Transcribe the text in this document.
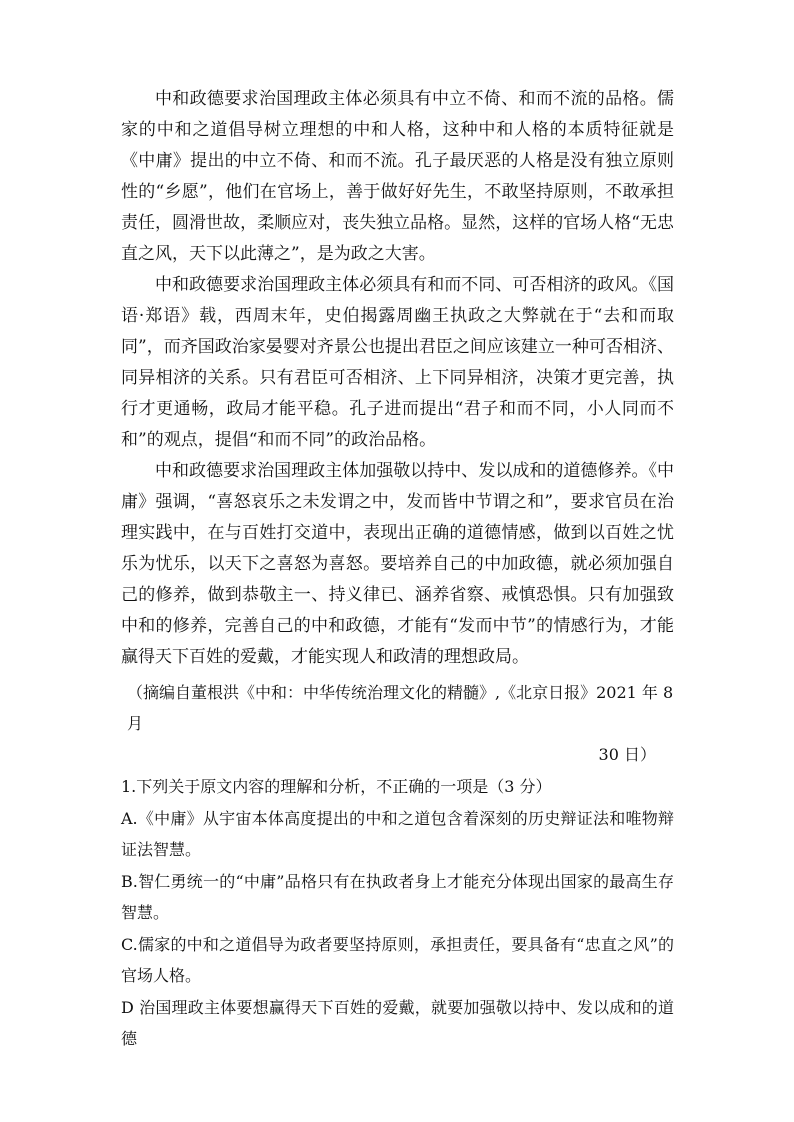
中和政德要求治国理政主体必须具有中立不倚、和而不流的品格。儒家的中和之道倡导树立理想的中和人格，这种中和人格的本质特征就是《中庸》提出的中立不倚、和而不流。孔子最厌恶的人格是没有独立原则性的“乡愿”，他们在官场上，善于做好好先生，不敢坚持原则，不敢承担责任，圆滑世故，柔顺应对，丧失独立品格。显然，这样的官场人格“无忠直之风，天下以此薄之”，是为政之大害。

中和政德要求治国理政主体必须具有和而不同、可否相济的政风。《国语·郑语》载，西周末年，史伯揭露周幽王执政之大弊就在于“去和而取同”，而齐国政治家晏婴对齐景公也提出君臣之间应该建立一种可否相济、同异相济的关系。只有君臣可否相济、上下同异相济，决策才更完善，执行才更通畅，政局才能平稳。孔子进而提出“君子和而不同，小人同而不和”的观点，提倡“和而不同”的政治品格。

中和政德要求治国理政主体加强敬以持中、发以成和的道德修养。《中庸》强调，“喜怒哀乐之未发谓之中，发而皆中节谓之和”，要求官员在治理实践中，在与百姓打交道中，表现出正确的道德情感，做到以百姓之忧乐为忧乐，以天下之喜怒为喜怒。要培养自己的中加政德，就必须加强自己的修养，做到恭敬主一、持义律已、涵养省察、戒慎恐惧。只有加强致中和的修养，完善自己的中和政德，才能有“发而中节”的情感行为，才能赢得天下百姓的爱戴，才能实现人和政清的理想政局。

（摘编自董根洪《中和：中华传统治理文化的精髓》,《北京日报》2021 年 8 月

30 日）

1.下列关于原文内容的理解和分析，不正确的一项是（3 分）

A.《中庸》从宇宙本体高度提出的中和之道包含着深刻的历史辩证法和唯物辩证法智慧。

B.智仁勇统一的“中庸”品格只有在执政者身上才能充分体现出国家的最高生存智慧。

C.儒家的中和之道倡导为政者要坚持原则，承担责任，要具备有“忠直之风”的官场人格。

D 治国理政主体要想赢得天下百姓的爱戴，就要加强敬以持中、发以成和的道德
